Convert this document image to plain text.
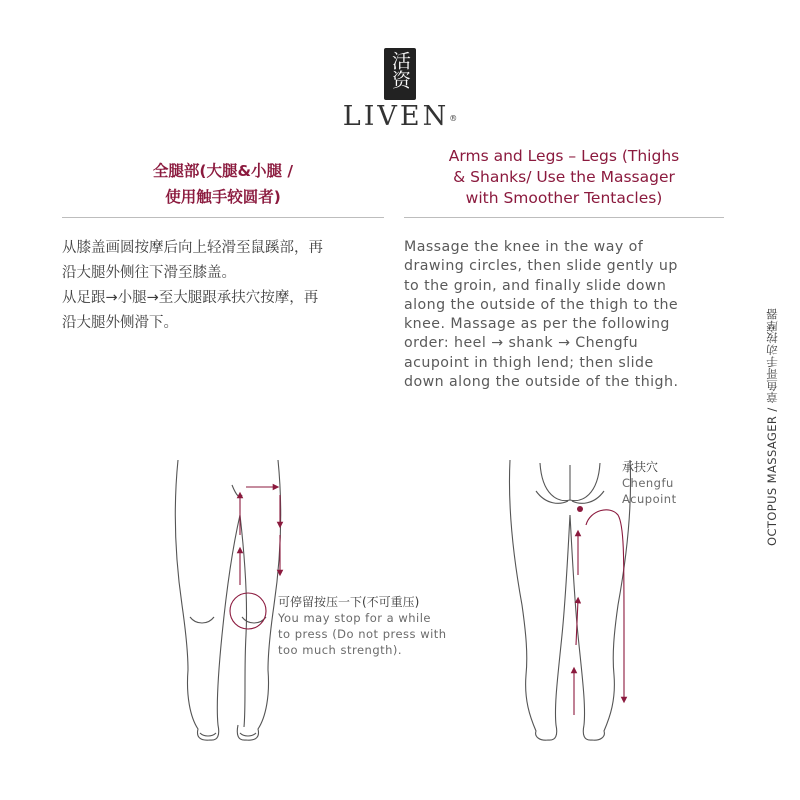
活资
LIVEN®
OCTOPUS MASSAGER / 章鱼哥手动按摩器
全腿部(大腿&小腿 /
使用触手较圆者)
Arms and Legs – Legs (Thighs
& Shanks/ Use the Massager
with Smoother Tentacles)

从膝盖画圆按摩后向上轻滑至鼠蹊部，再

沿大腿外侧往下滑至膝盖。

从足跟→小腿→至大腿跟承扶穴按摩，再

沿大腿外侧滑下。

Massage the knee in the way of
drawing circles, then slide gently up
to the groin, and finally slide down
along the outside of the thigh to the
knee. Massage as per the following
order: heel → shank → Chengfu
acupoint in thigh lend; then slide
down along the outside of the thigh.
可停留按压一下(不可重压)
You may stop for a while
to press (Do not press with
too much strength).
承扶穴
Chengfu
Acupoint
